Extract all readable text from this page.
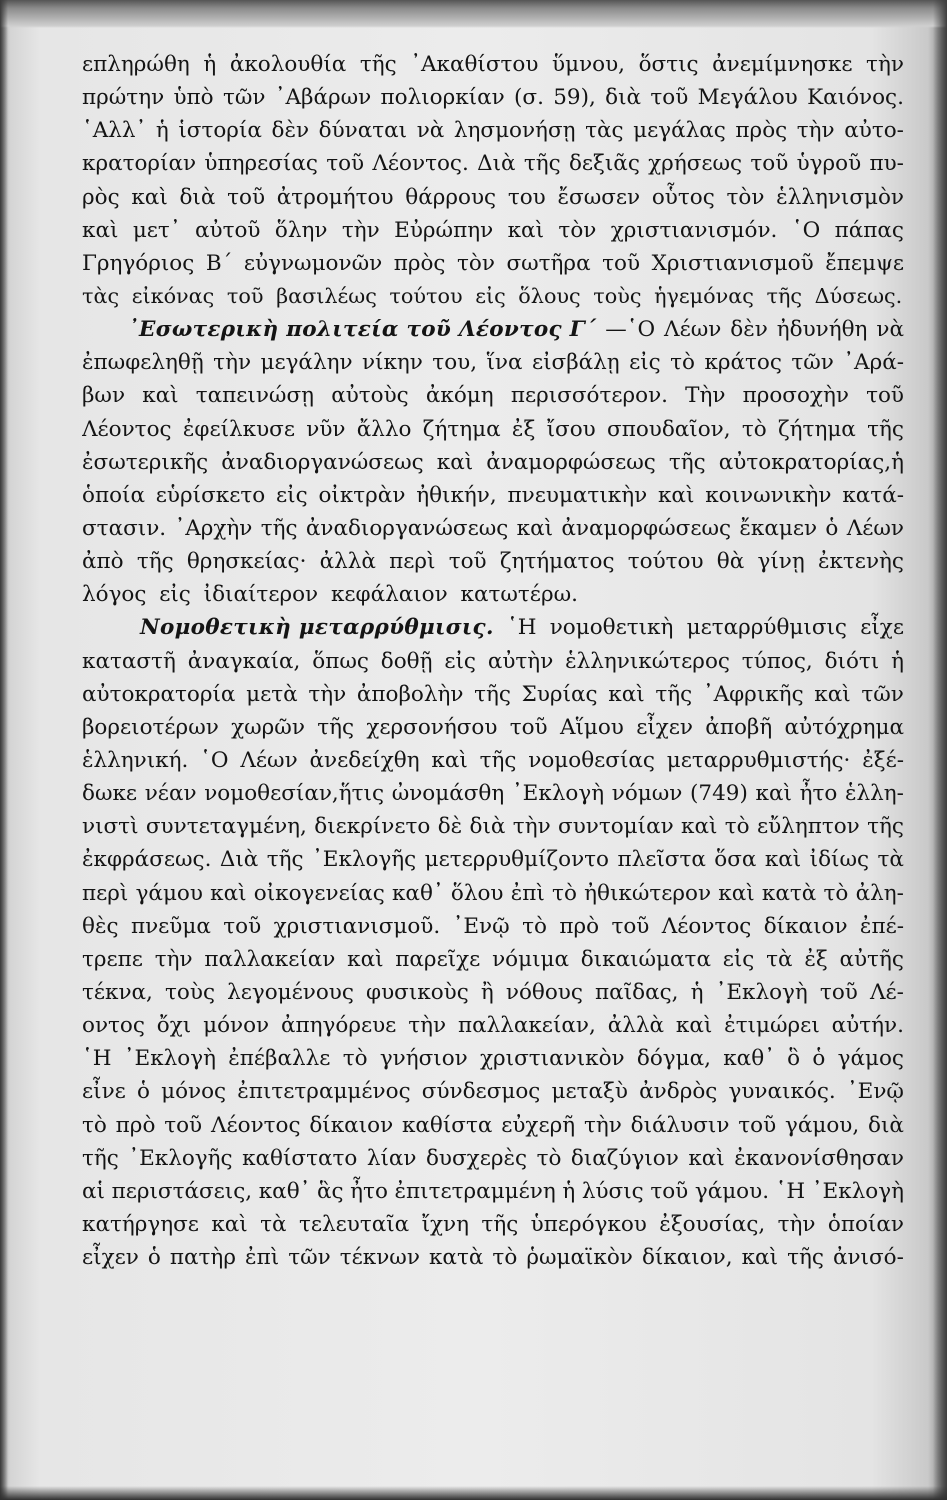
επληρώθη ἡ ἀκολουθία τῆς ᾿Ακαθίστου ὕμνου, ὅστις ἀνεμίμνησκε τὴν
πρώτην ὑπὸ τῶν ᾿Αβάρων πολιορκίαν (σ. 59), διὰ τοῦ Μεγάλου Καιόνος.
῾Αλλ᾿ ἡ ἱστορία δὲν δύναται νὰ λησμονήσῃ τὰς μεγάλας πρὸς τὴν αὐτο-
κρατορίαν ὑπηρεσίας τοῦ Λέοντος. Διὰ τῆς δεξιᾶς χρήσεως τοῦ ὑγροῦ πυ-
ρὸς καὶ διὰ τοῦ ἀτρομήτου θάρρους του ἔσωσεν οὗτος τὸν ἑλληνισμὸν
καὶ μετ᾿ αὐτοῦ ὅλην τὴν Εὐρώπην καὶ τὸν χριστιανισμόν. ῾Ο πάπας
Γρηγόριος Β΄ εὐγνωμονῶν πρὸς τὸν σωτῆρα τοῦ Χριστιανισμοῦ ἔπεμψε
τὰς εἰκόνας τοῦ βασιλέως τούτου εἰς ὅλους τοὺς ἡγεμόνας τῆς Δύσεως.
᾿Εσωτερικὴ πολιτεία τοῦ Λέοντος Γ΄ —῾Ο Λέων δὲν ἠδυνήθη νὰ
ἐπωφεληθῇ τὴν μεγάλην νίκην του, ἵνα εἰσβάλῃ εἰς τὸ κράτος τῶν ᾿Αρά-
βων καὶ ταπεινώσῃ αὐτοὺς ἀκόμη περισσότερον. Τὴν προσοχὴν τοῦ
Λέοντος ἐφείλκυσε νῦν ἄλλο ζήτημα ἐξ ἴσου σπουδαῖον, τὸ ζήτημα τῆς
ἐσωτερικῆς ἀναδιοργανώσεως καὶ ἀναμορφώσεως τῆς αὐτοκρατορίας,ἡ
ὁποία εὑρίσκετο εἰς οἰκτρὰν ἠθικήν, πνευματικὴν καὶ κοινωνικὴν κατά-
στασιν. ᾿Αρχὴν τῆς ἀναδιοργανώσεως καὶ ἀναμορφώσεως ἔκαμεν ὁ Λέων
ἀπὸ τῆς θρησκείας· ἀλλὰ περὶ τοῦ ζητήματος τούτου θὰ γίνῃ ἐκτενὴς
λόγος εἰς ἰδιαίτερον κεφάλαιον κατωτέρω.
Νομοθετικὴ μεταρρύθμισις. ῾Η νομοθετικὴ μεταρρύθμισις εἶχε
καταστῆ ἀναγκαία, ὅπως δοθῇ εἰς αὐτὴν ἑλληνικώτερος τύπος, διότι ἡ
αὐτοκρατορία μετὰ τὴν ἀποβολὴν τῆς Συρίας καὶ τῆς ᾿Αφρικῆς καὶ τῶν
βορειοτέρων χωρῶν τῆς χερσονήσου τοῦ Αἵμου εἶχεν ἀποβῆ αὐτόχρημα
ἑλληνική. ῾Ο Λέων ἀνεδείχθη καὶ τῆς νομοθεσίας μεταρρυθμιστής· ἐξέ-
δωκε νέαν νομοθεσίαν,ἥτις ὠνομάσθη ᾿Εκλογὴ νόμων (749) καὶ ἦτο ἑλλη-
νιστὶ συντεταγμένη, διεκρίνετο δὲ διὰ τὴν συντομίαν καὶ τὸ εὔληπτον τῆς
ἐκφράσεως. Διὰ τῆς ᾿Εκλογῆς μετερρυθμίζοντο πλεῖστα ὅσα καὶ ἰδίως τὰ
περὶ γάμου καὶ οἰκογενείας καθ᾿ ὅλου ἐπὶ τὸ ἠθικώτερον καὶ κατὰ τὸ ἀλη-
θὲς πνεῦμα τοῦ χριστιανισμοῦ. ᾿Ενῷ τὸ πρὸ τοῦ Λέοντος δίκαιον ἐπέ-
τρεπε τὴν παλλακείαν καὶ παρεῖχε νόμιμα δικαιώματα εἰς τὰ ἐξ αὐτῆς
τέκνα, τοὺς λεγομένους φυσικοὺς ἢ νόθους παῖδας, ἡ ᾿Εκλογὴ τοῦ Λέ-
οντος ὄχι μόνον ἀπηγόρευε τὴν παλλακείαν, ἀλλὰ καὶ ἐτιμώρει αὐτήν.
῾Η ᾿Εκλογὴ ἐπέβαλλε τὸ γνήσιον χριστιανικὸν δόγμα, καθ᾿ ὃ ὁ γάμος
εἶνε ὁ μόνος ἐπιτετραμμένος σύνδεσμος μεταξὺ ἀνδρὸς γυναικός. ᾿Ενῷ
τὸ πρὸ τοῦ Λέοντος δίκαιον καθίστα εὐχερῆ τὴν διάλυσιν τοῦ γάμου, διὰ
τῆς ᾿Εκλογῆς καθίστατο λίαν δυσχερὲς τὸ διαζύγιον καὶ ἐκανονίσθησαν
αἱ περιστάσεις, καθ᾿ ἃς ἦτο ἐπιτετραμμένη ἡ λύσις τοῦ γάμου. ῾Η ᾿Εκλογὴ
κατήργησε καὶ τὰ τελευταῖα ἴχνη τῆς ὑπερόγκου ἐξουσίας, τὴν ὁποίαν
εἶχεν ὁ πατὴρ ἐπὶ τῶν τέκνων κατὰ τὸ ῥωμαϊκὸν δίκαιον, καὶ τῆς ἀνισό-
